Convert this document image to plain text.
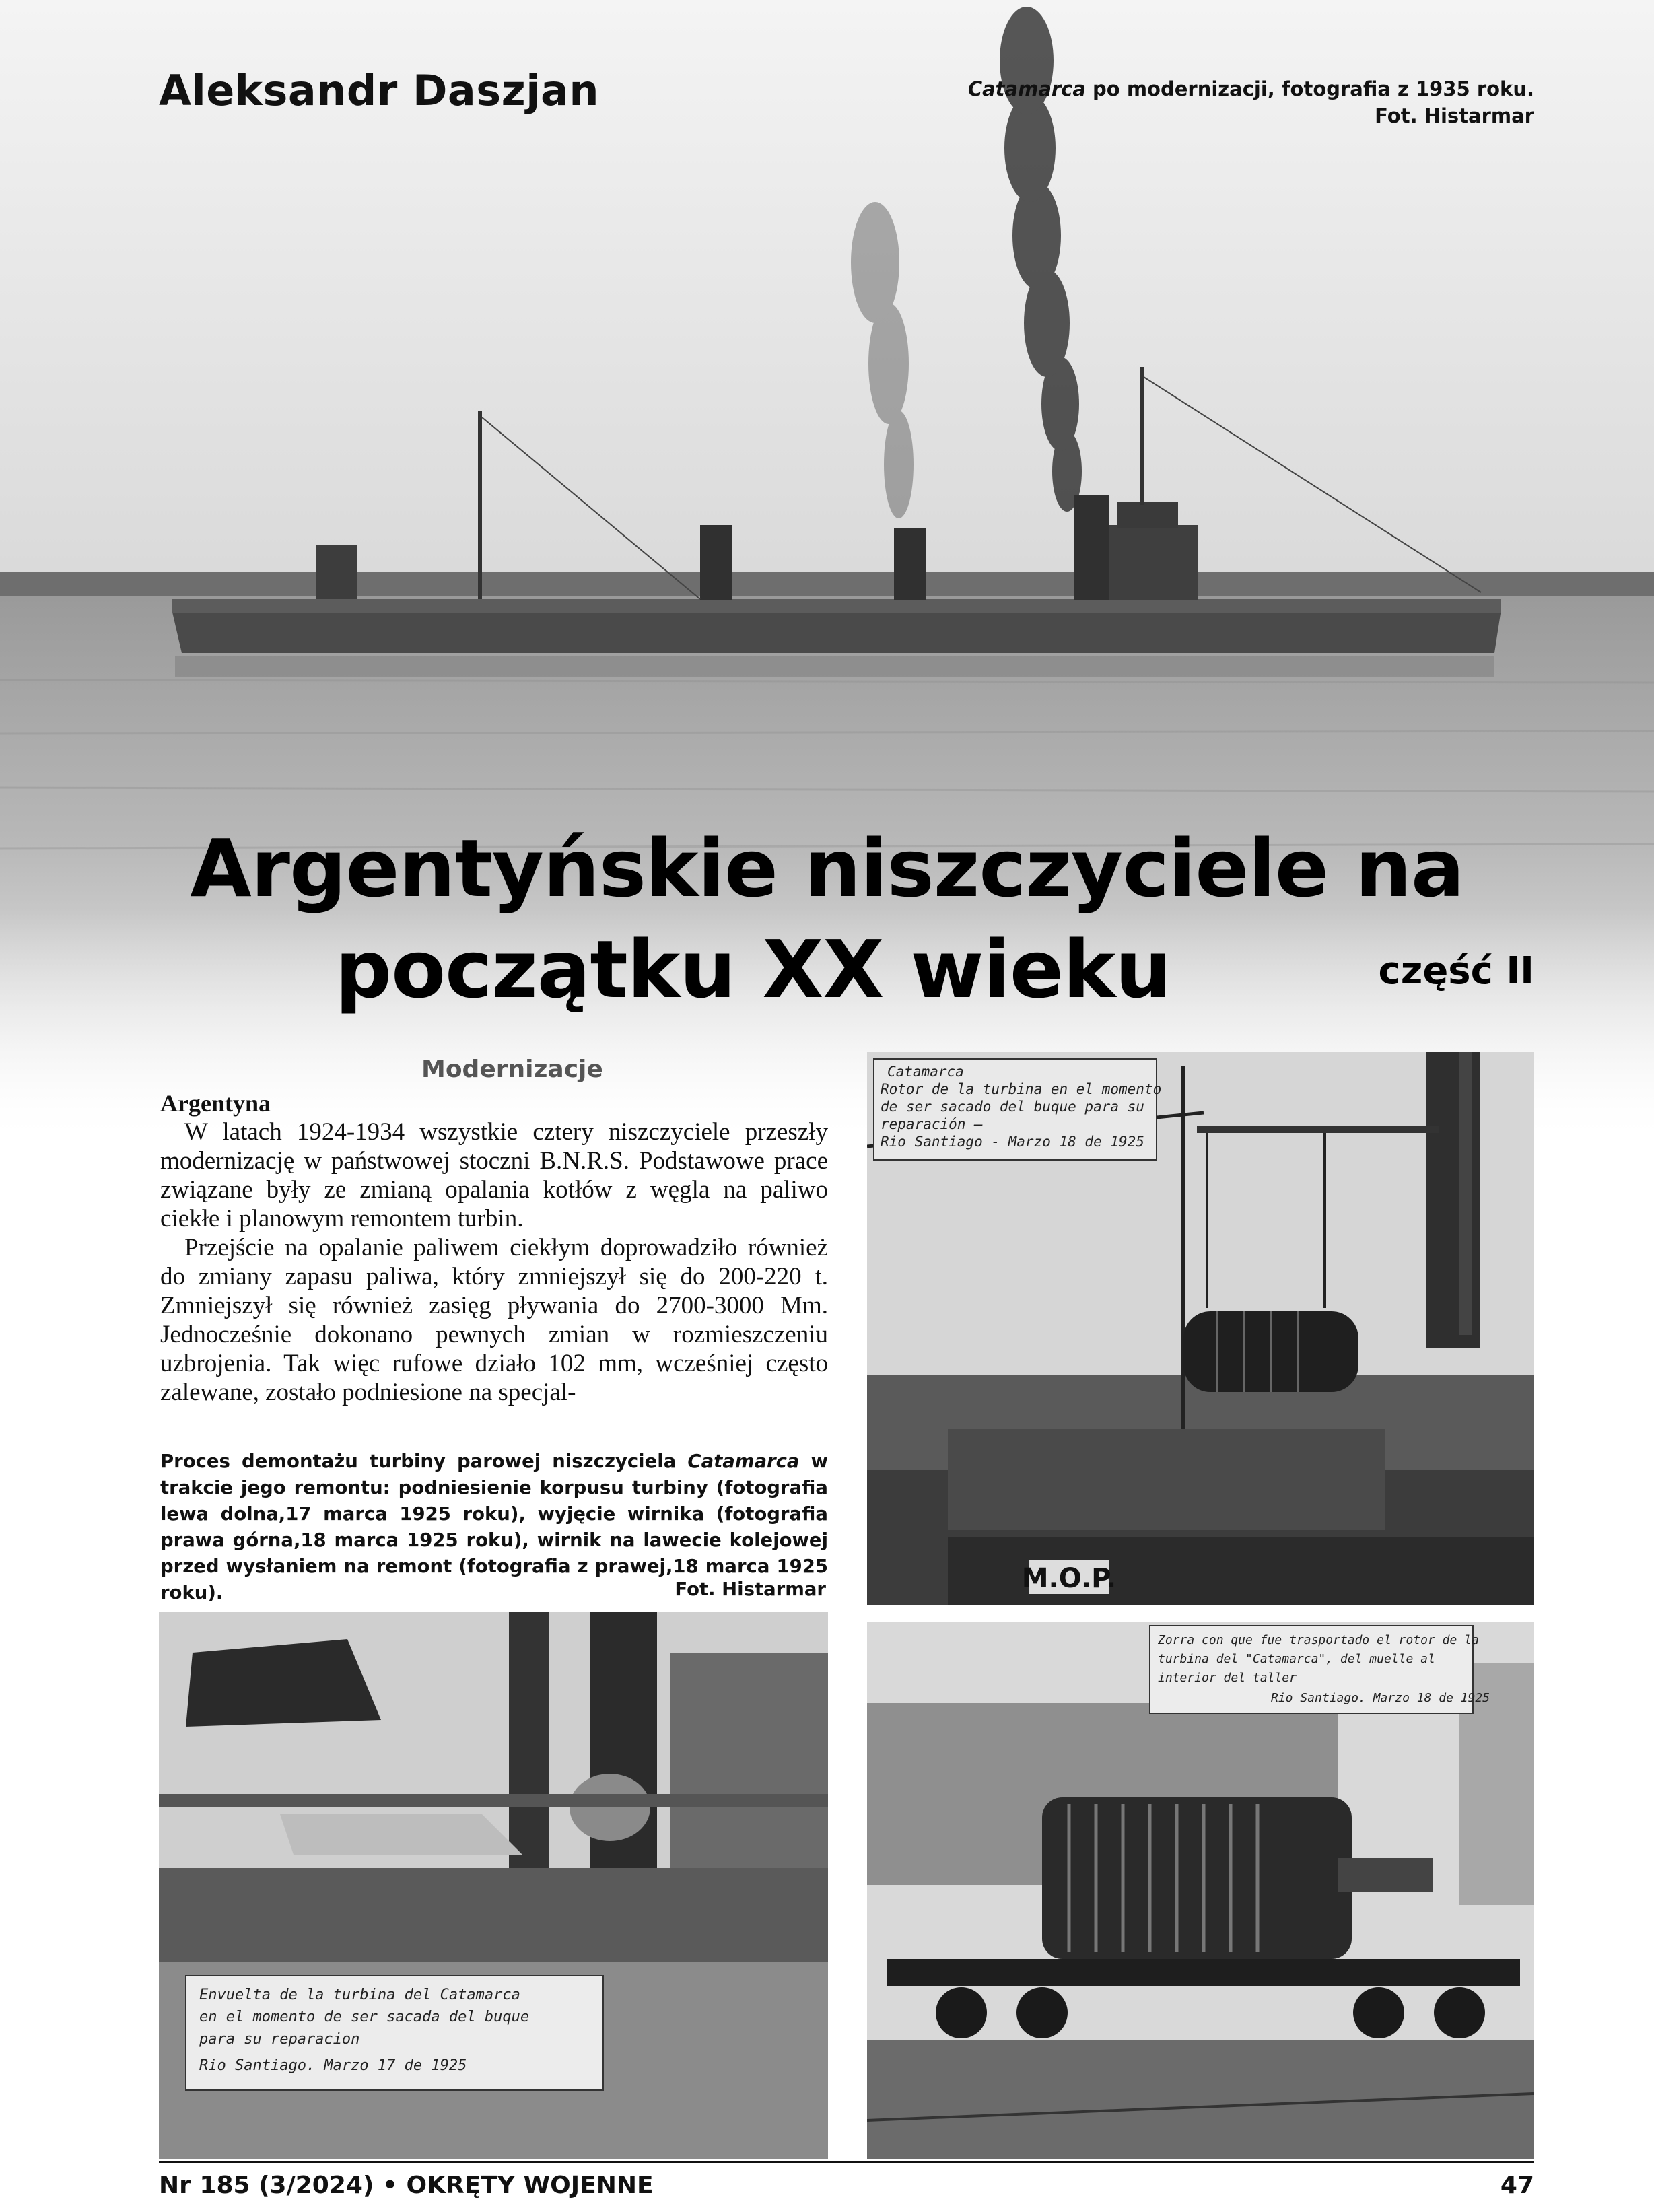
Aleksandr Daszjan	Catamarca po modernizacji, fotografia z 1935 roku.
Fot. Histarmar
Argentyńskie niszczyciele na

początku XX wieku	część II
Modernizacje
Argentyna

W latach 1924-1934 wszystkie cztery niszczyciele przeszły modernizację w państwowej stoczni B.N.R.S. Podstawowe prace związane były ze zmianą opalania kotłów z węgla na paliwo ciekłe i planowym remontem turbin.

Przejście na opalanie paliwem ciekłym doprowadziło również do zmiany zapasu paliwa, który zmniejszył się do 200-220 t. Zmniejszył się również zasięg pływania do 2700-3000 Mm. Jednocześnie dokonano pewnych zmian w rozmieszczeniu uzbrojenia. Tak więc rufowe działo 102 mm, wcześniej często zalewane, zostało podniesione na specjal-

Proces demontażu turbiny parowej niszczyciela Catamarca w trakcie jego remontu: podniesienie korpusu turbiny (fotografia lewa dolna,17 marca 1925 roku), wyjęcie wirnika (fotografia prawa górna,18 marca 1925 roku), wirnik na lawecie kolejowej przed wysłaniem na remont (fotografia z prawej,18 marca 1925 roku).	Fot. Histarmar	M.O.P.
Catamarca Rotor de la turbina en el momento de ser sacado del buque para su reparación – Rio Santiago - Marzo 18 de 1925
Envuelta de la turbina del Catamarca en el momento de ser sacada del buque para su reparacion Rio Santiago. Marzo 17 de 1925
Zorra con que fue trasportado el rotor de la turbina del "Catamarca", del muelle al interior del taller Rio Santiago. Marzo 18 de 1925
Nr 185 (3/2024) • OKRĘTY WOJENNE	47
